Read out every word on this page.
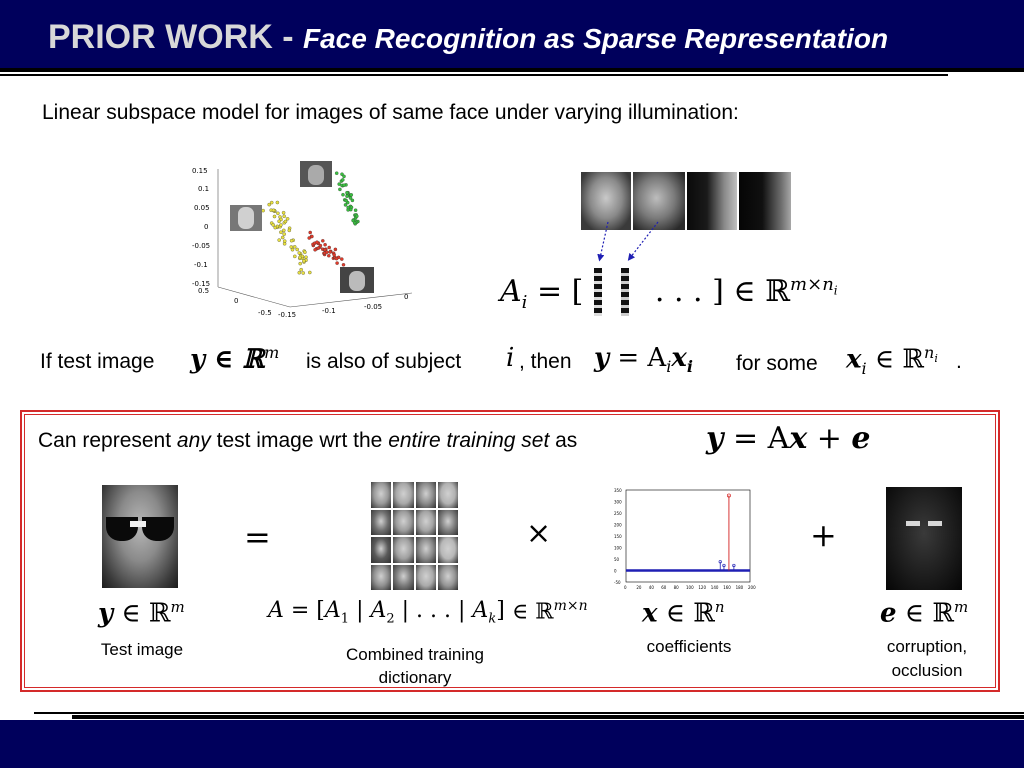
PRIOR WORK - Face Recognition as Sparse Representation
Linear subspace model for images of same face under varying illumination:
0.15
0.1
0.05
0
-0.05
-0.1
-0.15
0.5
0
-0.5 -0.15	-0.1	-0.05
0	$A_i$ = [ . . . ] ∈ ℝ$^{m\times n_i}$
If test image y ∈ ℝ$^m$ is also of subject i , then $y = A_ix_i$ for some $x_i$ ∈ ℝ$^{n_i}$ .
Can represent any test image wrt the entire training set as	y = Ax + e
=	×	+
350
300
250
200
150
100
50
0
-50
0 20 40 60 80 100 120 140 160 180 200
y ∈ ℝ$^m$	$A = [A_1$ | $A_2$ | . . . | $A_k$] ∈ ℝ$^{m\times n}$ x ∈ ℝ$^n$	e ∈ ℝ$^m$
Test image	Combined training
dictionary
coefficients	corruption,
occlusion
